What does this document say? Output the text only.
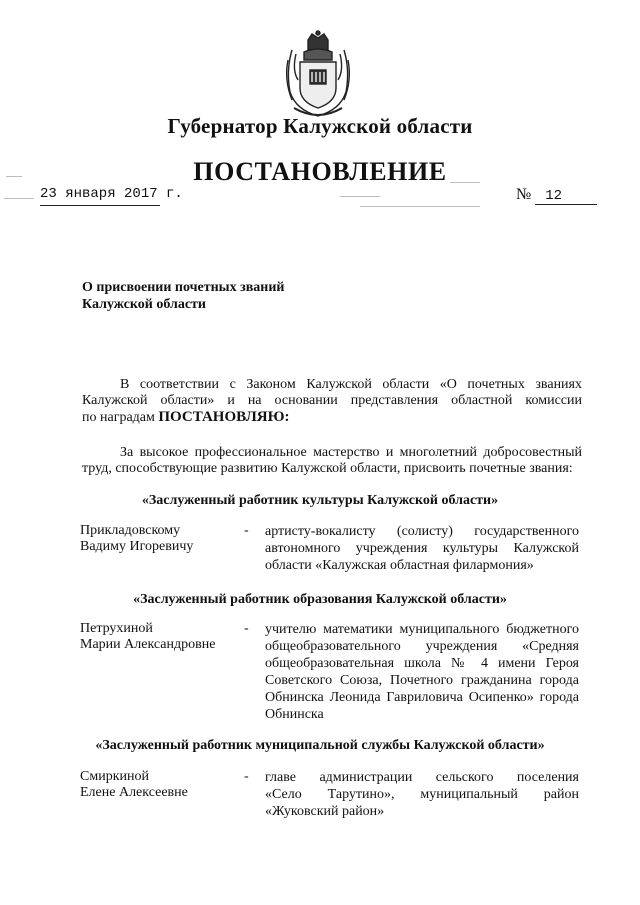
Губернатор Калужской области
ПОСТАНОВЛЕНИЕ
23 января 2017 г.	№ 12
О присвоении почетных званий
Калужской области
В соответствии с Законом Калужской области «О почетных званиях
Калужской области» и на основании представления областной комиссии
по наградам ПОСТАНОВЛЯЮ:
За высокое профессиональное мастерство и многолетний добросовестный
труд, способствующие развитию Калужской области, присвоить почетные звания:
«Заслуженный работник культуры Калужской области»
Прикладовскому
Вадиму Игоревичу
- артисту-вокалисту (солисту) государственного
автономного учреждения культуры Калужской
области «Калужская областная филармония»
«Заслуженный работник образования Калужской области»
Петрухиной
Марии Александровне
- учителю математики муниципального бюджетного
общеобразовательного учреждения «Средняя
общеобразовательная школа № 4 имени Героя
Советского Союза, Почетного гражданина города
Обнинска Леонида Гавриловича Осипенко» города
Обнинска
«Заслуженный работник муниципальной службы Калужской области»
Смиркиной
Елене Алексеевне
- главе администрации сельского поселения
«Село Тарутино», муниципальный район
«Жуковский район»
